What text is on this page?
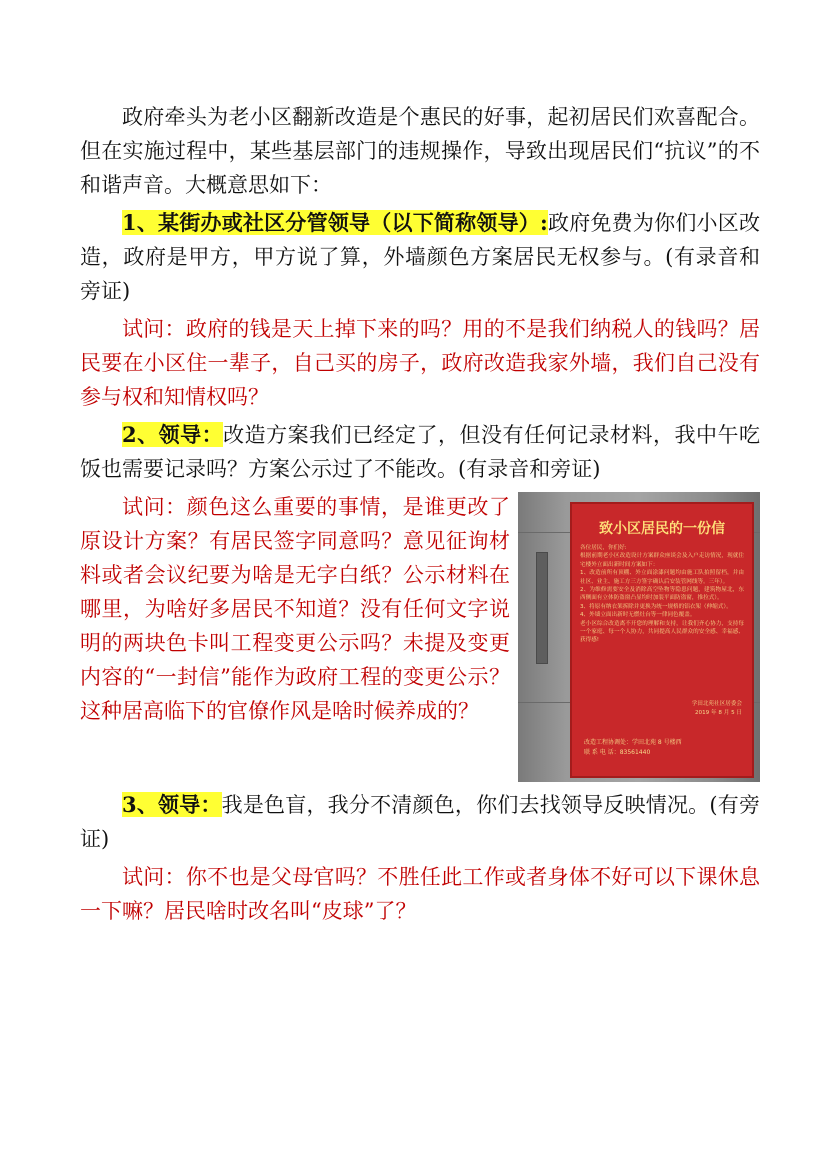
政府牵头为老小区翻新改造是个惠民的好事，起初居民们欢喜配合。但在实施过程中，某些基层部门的违规操作，导致出现居民们“抗议”的不和谐声音。大概意思如下：

1、某街办或社区分管领导（以下简称领导）:政府免费为你们小区改造，政府是甲方，甲方说了算，外墙颜色方案居民无权参与。(有录音和旁证)

试问：政府的钱是天上掉下来的吗？用的不是我们纳税人的钱吗？居民要在小区住一辈子，自己买的房子，政府改造我家外墙，我们自己没有参与权和知情权吗？

2、领导：改造方案我们已经定了，但没有任何记录材料，我中午吃饭也需要记录吗？方案公示过了不能改。(有录音和旁证)

致小区居民的一份信

各位居民，你们好:

根据前期老小区改造设计方案群众座谈会及入户走访情况，现就住宅楼外立面出新时间方案如下：

1、改造前所有顶棚、外立面涂漆问题均由施工队拍照留档，并由社区、业主、施工方三方签字确认后安装管网线等。三年）。

2、为维修需要安全及消除高空坠物等隐患问题，建筑物屋北，东西侧面有立体防盗窗凸显均时加装平面防盗窗，推拉式）。

3、将原有纳衣架拆除并更换为统一规格的铝衣架（伸缩式）。

4、外墙立面出新时无燃灶台等一律同色覆盖。

老小区综合改造离不开您的理解和支持，让我们齐心协力，支持每一个家庭、每一个人协力，共同提高人民群众的安全感、幸福感、获得感!

学田北苑社区居委会
2019 年 8 月 5 日
改造工程协调处：学田北苑 8 号楼西
联 系 电 话：83561440

试问：颜色这么重要的事情，是谁更改了原设计方案？有居民签字同意吗？意见征询材料或者会议纪要为啥是无字白纸？公示材料在哪里，为啥好多居民不知道？没有任何文字说明的两块色卡叫工程变更公示吗？未提及变更内容的“一封信”能作为政府工程的变更公示？这种居高临下的官僚作风是啥时候养成的？

3、领导：我是色盲，我分不清颜色，你们去找领导反映情况。(有旁证)

试问：你不也是父母官吗？不胜任此工作或者身体不好可以下课休息一下嘛？居民啥时改名叫“皮球”了？
